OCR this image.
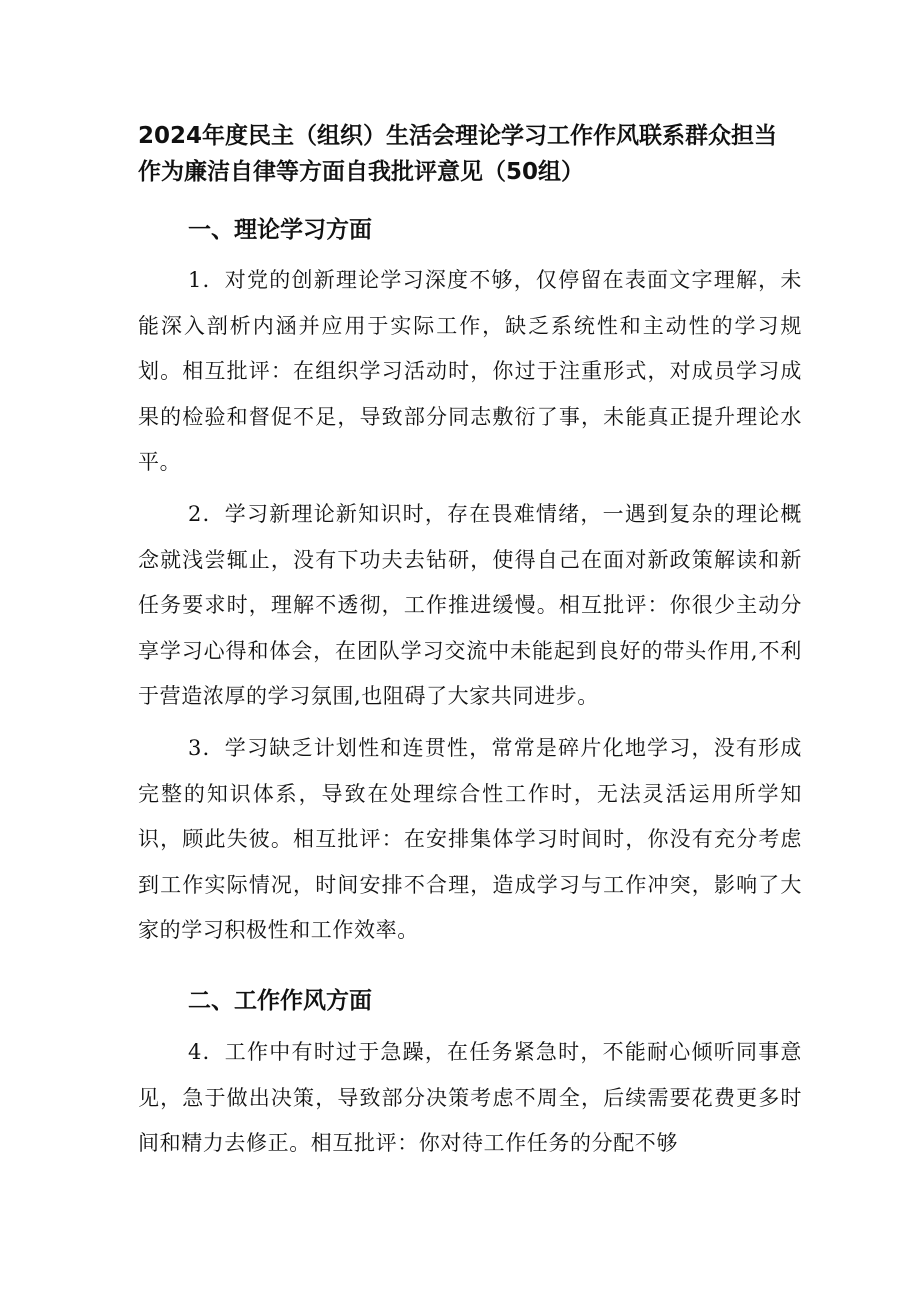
2024年度民主（组织）生活会理论学习工作作风联系群众担当作为廉洁自律等方面自我批评意见（50组）
一、理论学习方面

1．对党的创新理论学习深度不够，仅停留在表面文字理解，未能深入剖析内涵并应用于实际工作，缺乏系统性和主动性的学习规划。相互批评：在组织学习活动时，你过于注重形式，对成员学习成果的检验和督促不足，导致部分同志敷衍了事，未能真正提升理论水平。

2．学习新理论新知识时，存在畏难情绪，一遇到复杂的理论概念就浅尝辄止，没有下功夫去钻研，使得自己在面对新政策解读和新任务要求时，理解不透彻，工作推进缓慢。相互批评：你很少主动分享学习心得和体会，在团队学习交流中未能起到良好的带头作用,不利于营造浓厚的学习氛围,也阻碍了大家共同进步。

3．学习缺乏计划性和连贯性，常常是碎片化地学习，没有形成完整的知识体系，导致在处理综合性工作时，无法灵活运用所学知识，顾此失彼。相互批评：在安排集体学习时间时，你没有充分考虑到工作实际情况，时间安排不合理，造成学习与工作冲突，影响了大家的学习积极性和工作效率。

二、工作作风方面

4．工作中有时过于急躁，在任务紧急时，不能耐心倾听同事意见，急于做出决策，导致部分决策考虑不周全，后续需要花费更多时间和精力去修正。相互批评：你对待工作任务的分配不够
